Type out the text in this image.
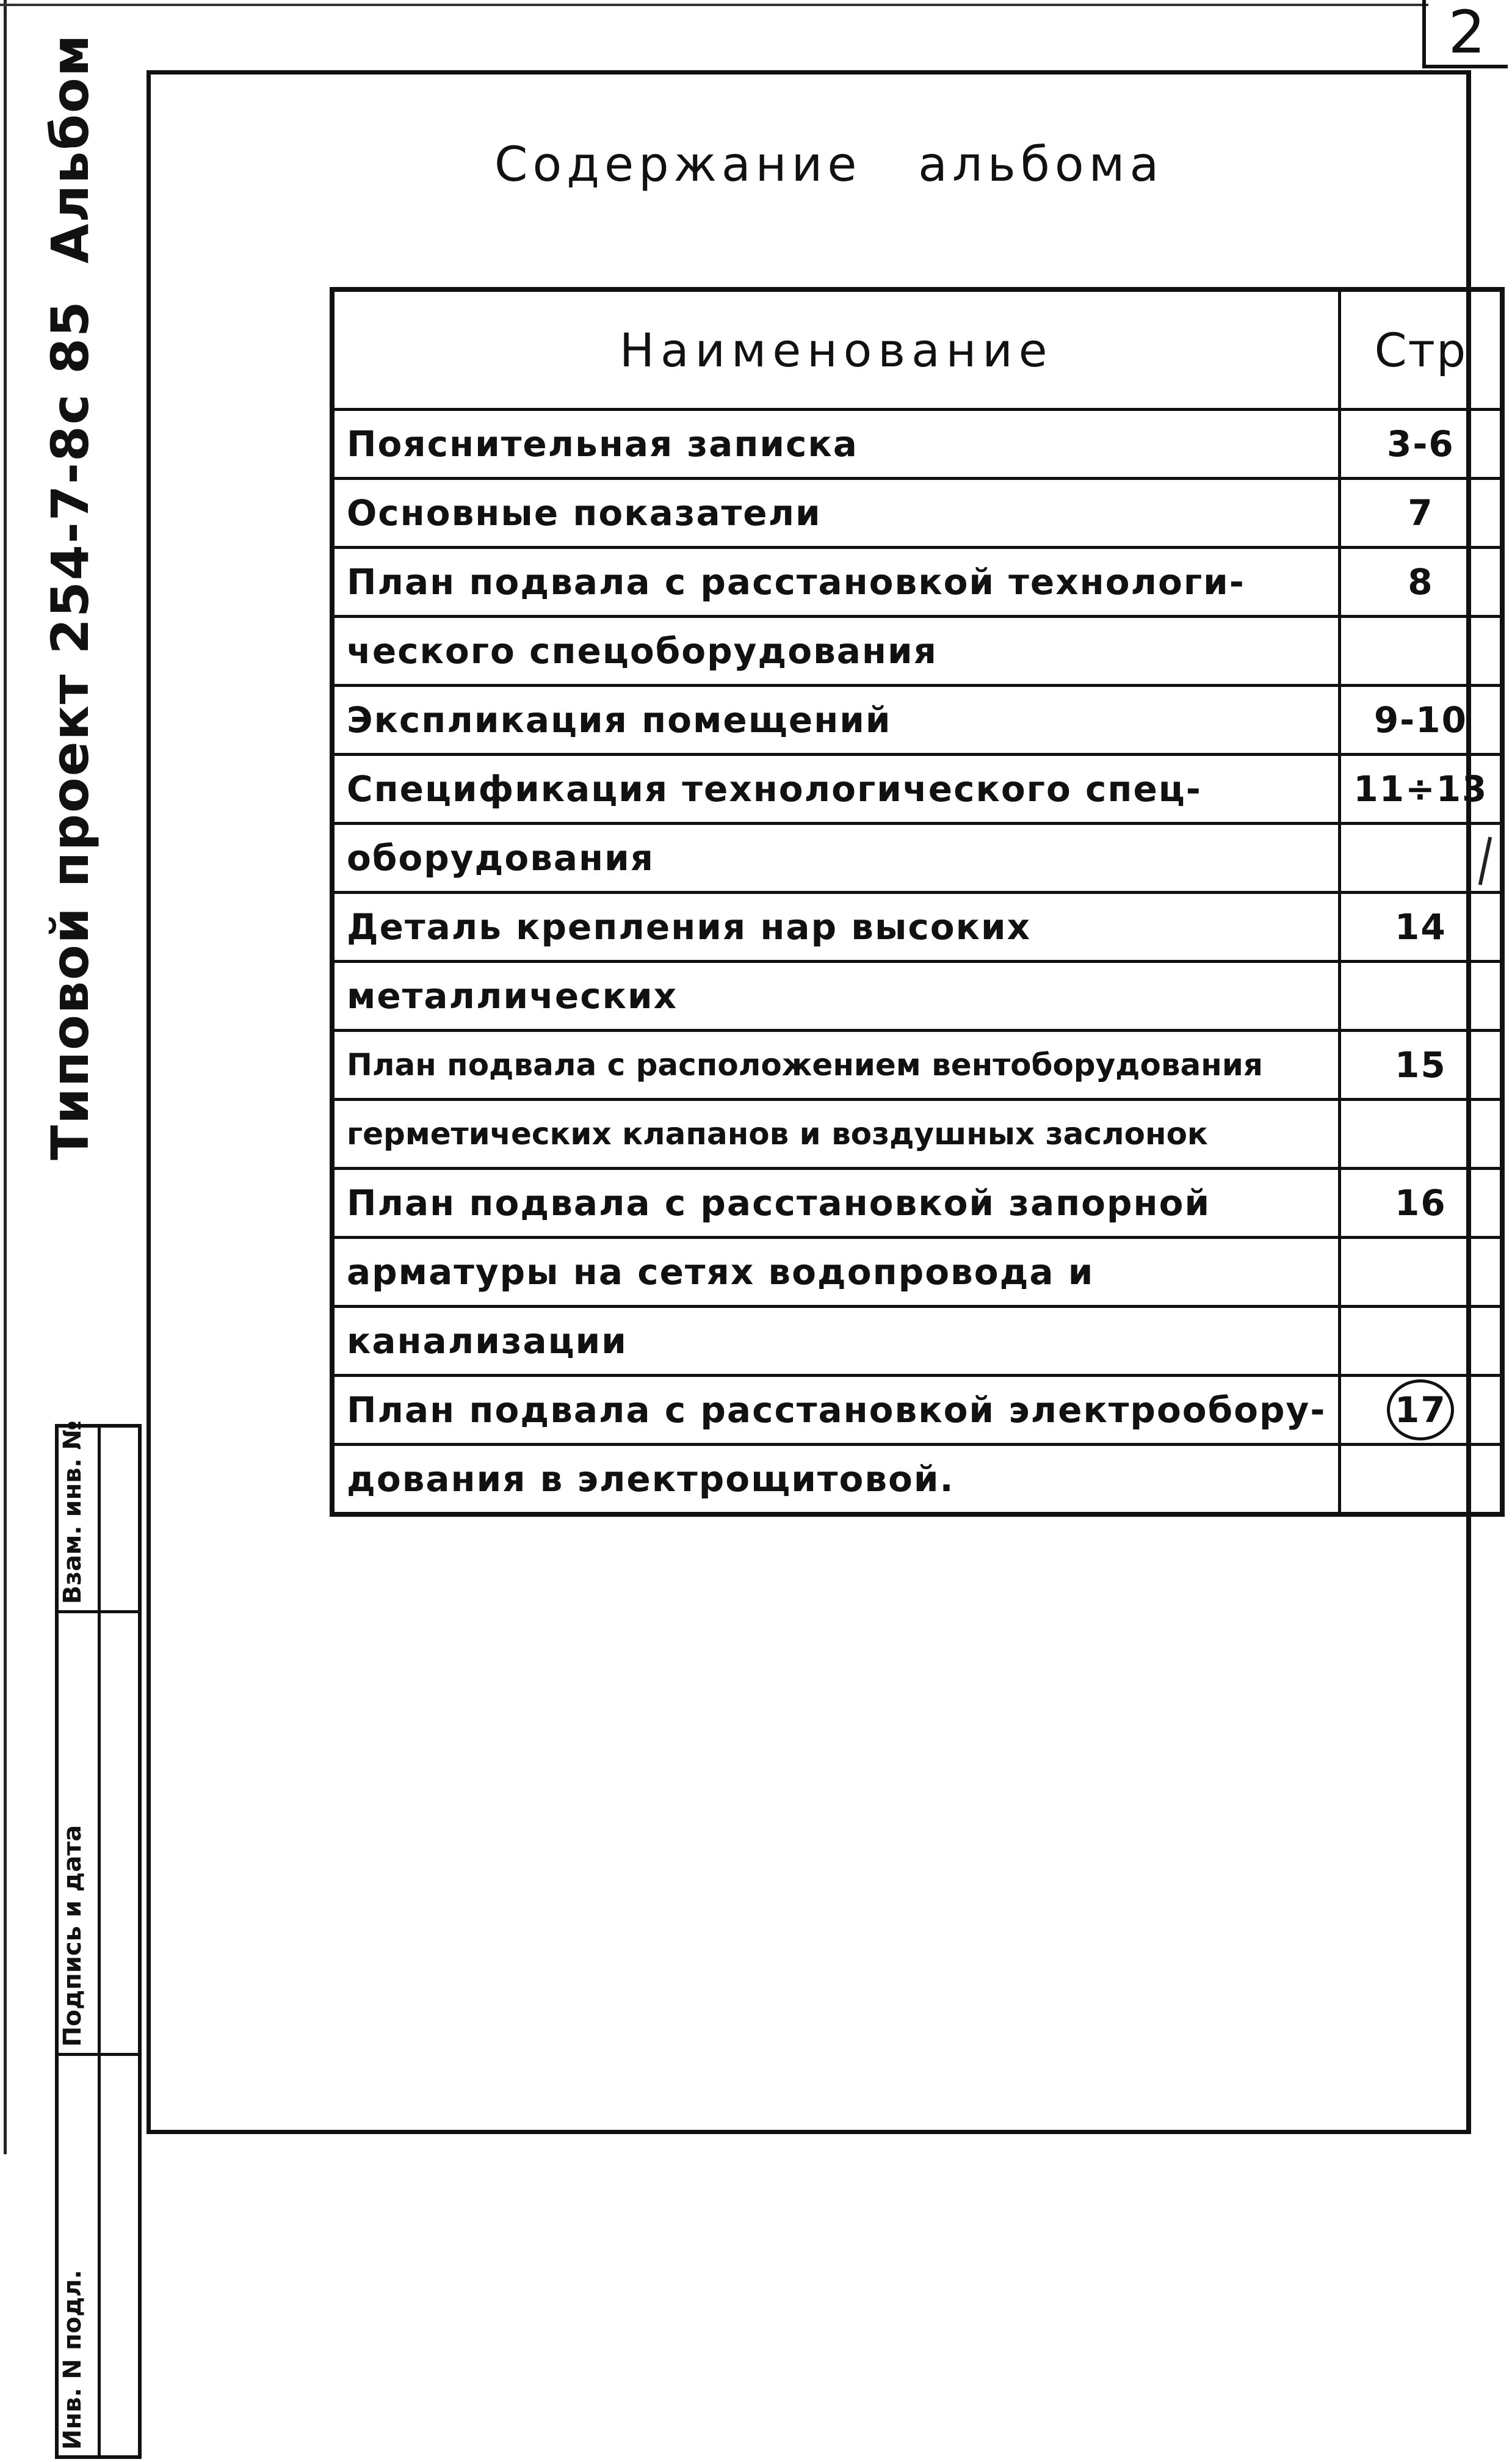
2
Типовой проект 254-7-8с 85
Альбом
Инв. N подл.
Подпись и дата
Взам. инв. №
Содержание альбома
Наименование	Стр
Пояснительная записка	3-6
Основные показатели	7
План подвала с расстановкой технологи-	8
ческого спецоборудования	
Экспликация помещений	9-10
Спецификация технологического спец-	11÷13
оборудования	
Деталь крепления нар высоких	14
металлических	
План подвала с расположением вентоборудования	15
герметических клапанов и воздушных заслонок	
План подвала с расстановкой запорной	16
арматуры на сетях водопровода и	
канализации	
План подвала с расстановкой электрообору-	17
дования в электрощитовой.	
